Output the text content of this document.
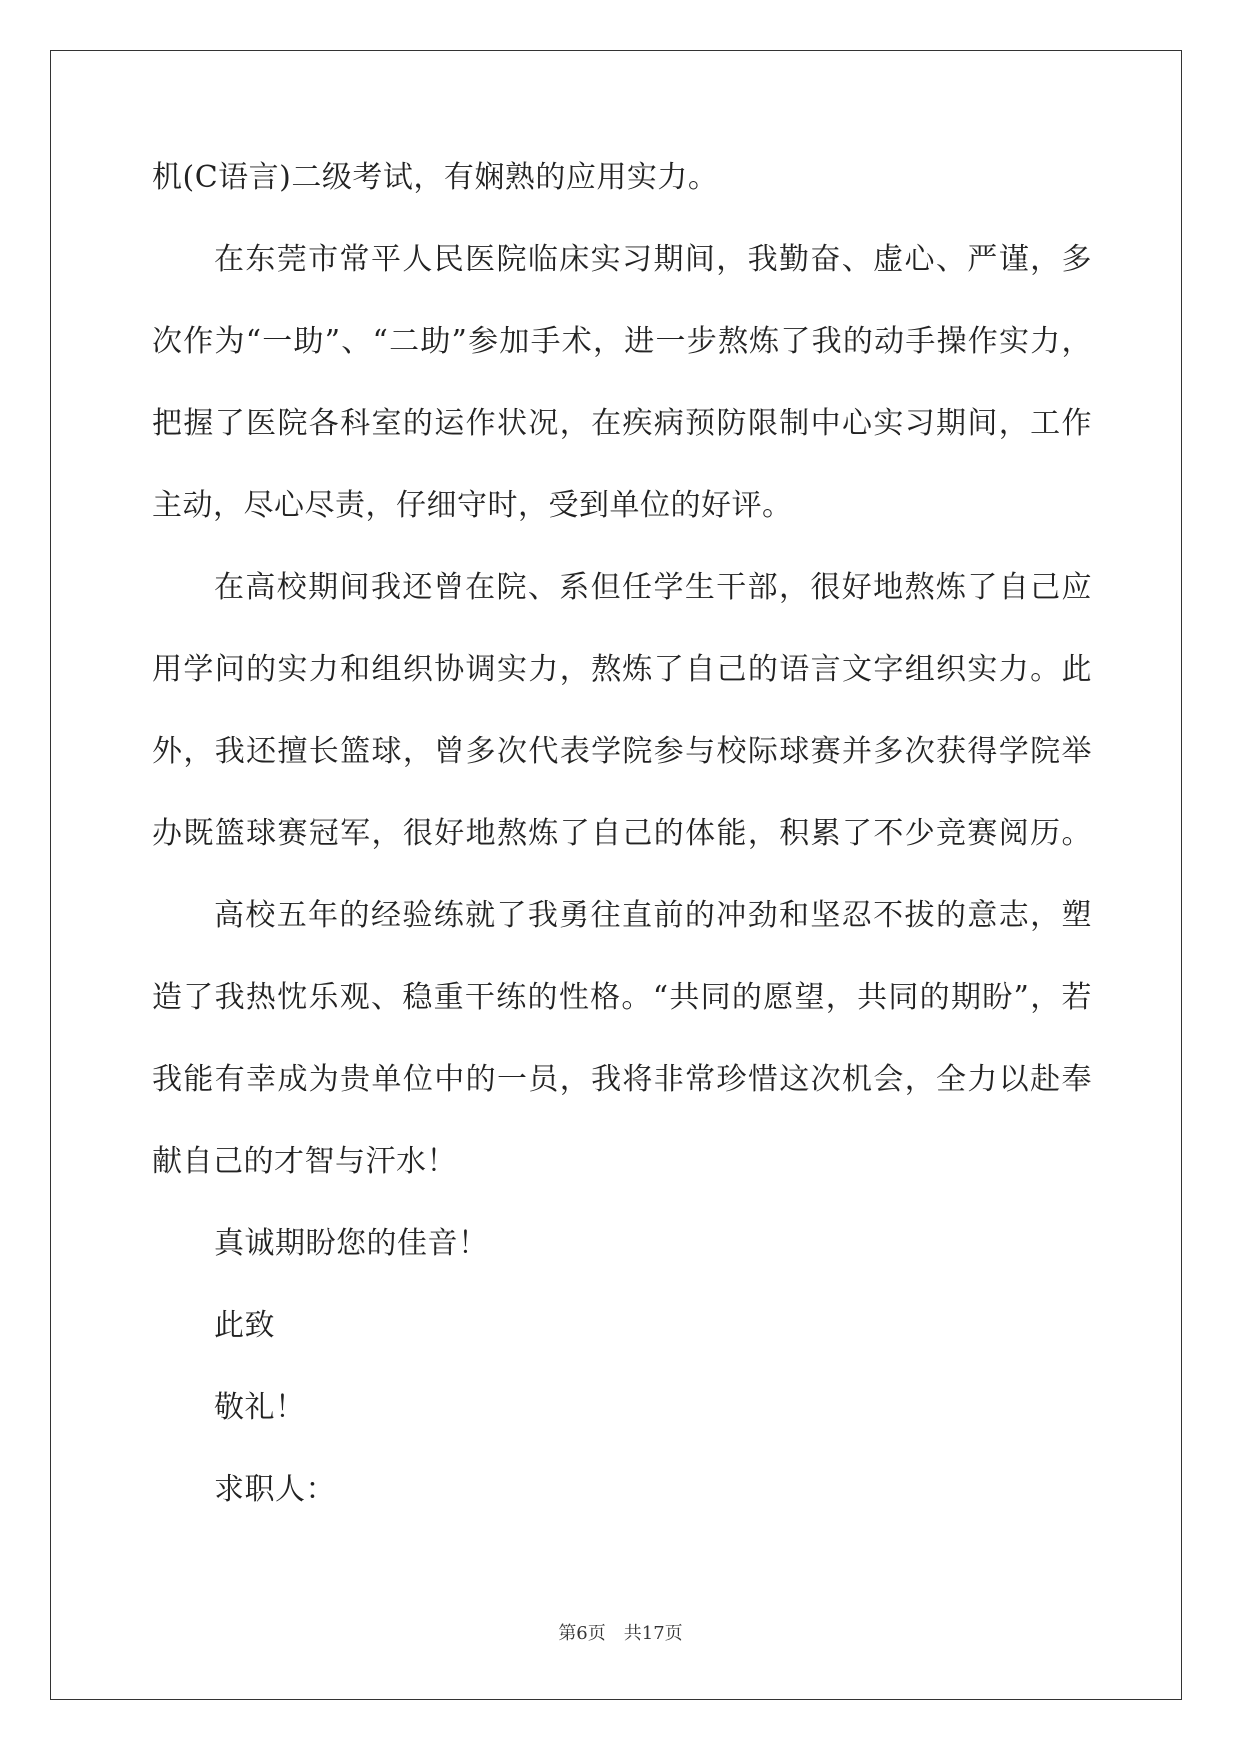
机(C语言)二级考试，有娴熟的应用实力。
在东莞市常平人民医院临床实习期间，我勤奋、虚心、严谨，多
次作为“一助”、“二助”参加手术，进一步熬炼了我的动手操作实力，
把握了医院各科室的运作状况，在疾病预防限制中心实习期间，工作
主动，尽心尽责，仔细守时，受到单位的好评。
在高校期间我还曾在院、系但任学生干部，很好地熬炼了自己应
用学问的实力和组织协调实力，熬炼了自己的语言文字组织实力。此
外，我还擅长篮球，曾多次代表学院参与校际球赛并多次获得学院举
办既篮球赛冠军，很好地熬炼了自己的体能，积累了不少竞赛阅历。
高校五年的经验练就了我勇往直前的冲劲和坚忍不拔的意志，塑
造了我热忱乐观、稳重干练的性格。“共同的愿望，共同的期盼”，若
我能有幸成为贵单位中的一员，我将非常珍惜这次机会，全力以赴奉
献自己的才智与汗水！
真诚期盼您的佳音！
此致
敬礼！
求职人：
第6页　共17页
